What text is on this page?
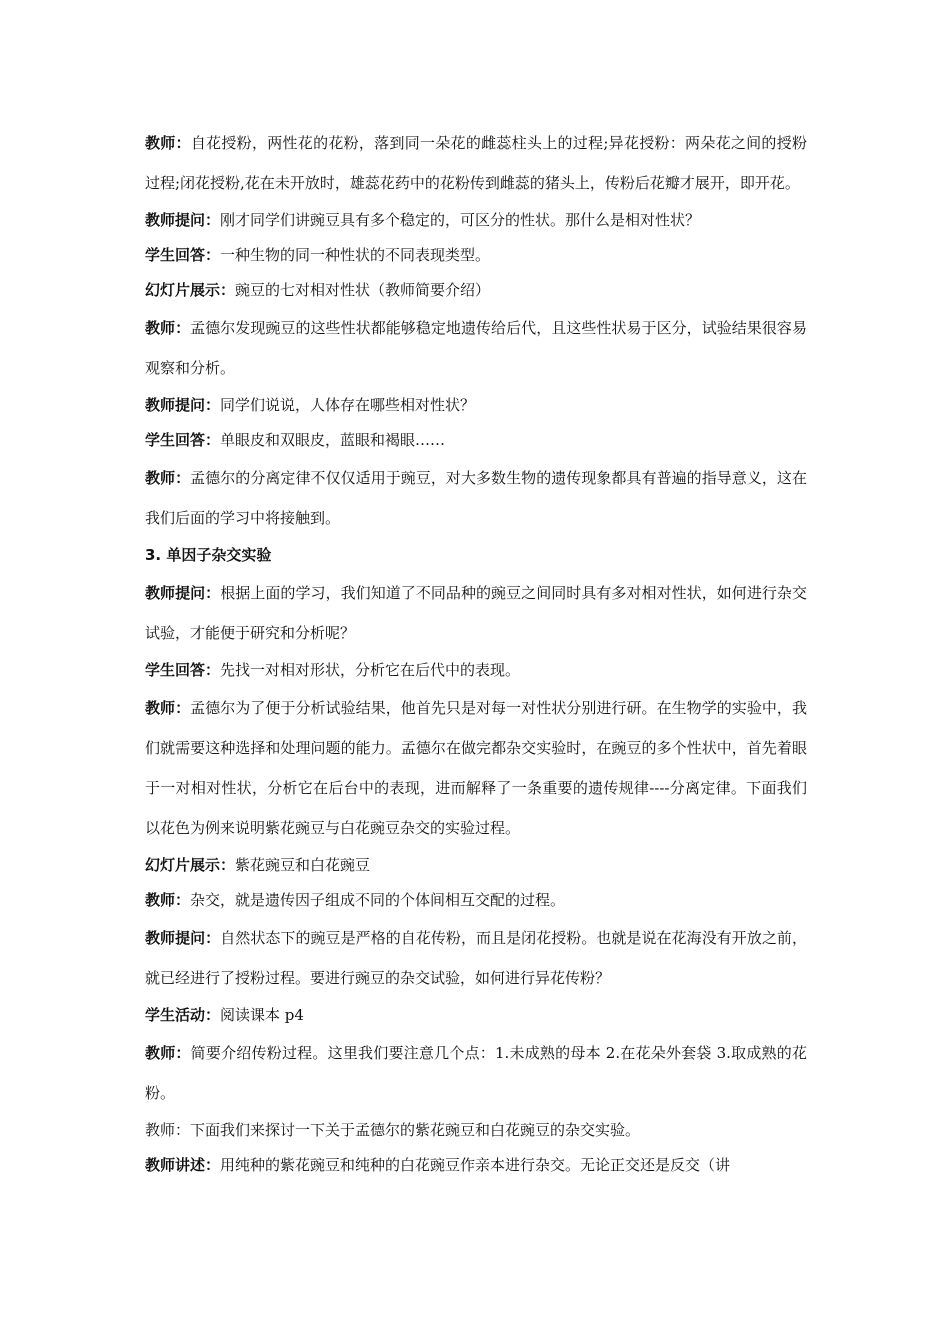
教师：自花授粉，两性花的花粉，落到同一朵花的雌蕊柱头上的过程;异花授粉：两朵花之间的授粉过程;闭花授粉,花在未开放时，雄蕊花药中的花粉传到雌蕊的猪头上，传粉后花瓣才展开，即开花。

教师提问：刚才同学们讲豌豆具有多个稳定的，可区分的性状。那什么是相对性状？

学生回答：一种生物的同一种性状的不同表现类型。

幻灯片展示：豌豆的七对相对性状（教师简要介绍）

教师：孟德尔发现豌豆的这些性状都能够稳定地遗传给后代，且这些性状易于区分，试验结果很容易观察和分析。

教师提问：同学们说说，人体存在哪些相对性状？

学生回答：单眼皮和双眼皮，蓝眼和褐眼……

教师：孟德尔的分离定律不仅仅适用于豌豆，对大多数生物的遗传现象都具有普遍的指导意义，这在我们后面的学习中将接触到。

3. 单因子杂交实验

教师提问：根据上面的学习，我们知道了不同品种的豌豆之间同时具有多对相对性状，如何进行杂交试验，才能便于研究和分析呢？

学生回答：先找一对相对形状，分析它在后代中的表现。

教师：孟德尔为了便于分析试验结果，他首先只是对每一对性状分别进行研。在生物学的实验中，我们就需要这种选择和处理问题的能力。孟德尔在做完都杂交实验时，在豌豆的多个性状中，首先着眼于一对相对性状，分析它在后台中的表现，进而解释了一条重要的遗传规律----分离定律。下面我们以花色为例来说明紫花豌豆与白花豌豆杂交的实验过程。

幻灯片展示：紫花豌豆和白花豌豆

教师：杂交，就是遗传因子组成不同的个体间相互交配的过程。

教师提问：自然状态下的豌豆是严格的自花传粉，而且是闭花授粉。也就是说在花海没有开放之前，就已经进行了授粉过程。要进行豌豆的杂交试验，如何进行异花传粉？

学生活动：阅读课本 p4

教师：简要介绍传粉过程。这里我们要注意几个点：1.未成熟的母本 2.在花朵外套袋 3.取成熟的花粉。

教师：下面我们来探讨一下关于孟德尔的紫花豌豆和白花豌豆的杂交实验。

教师讲述：用纯种的紫花豌豆和纯种的白花豌豆作亲本进行杂交。无论正交还是反交（讲
